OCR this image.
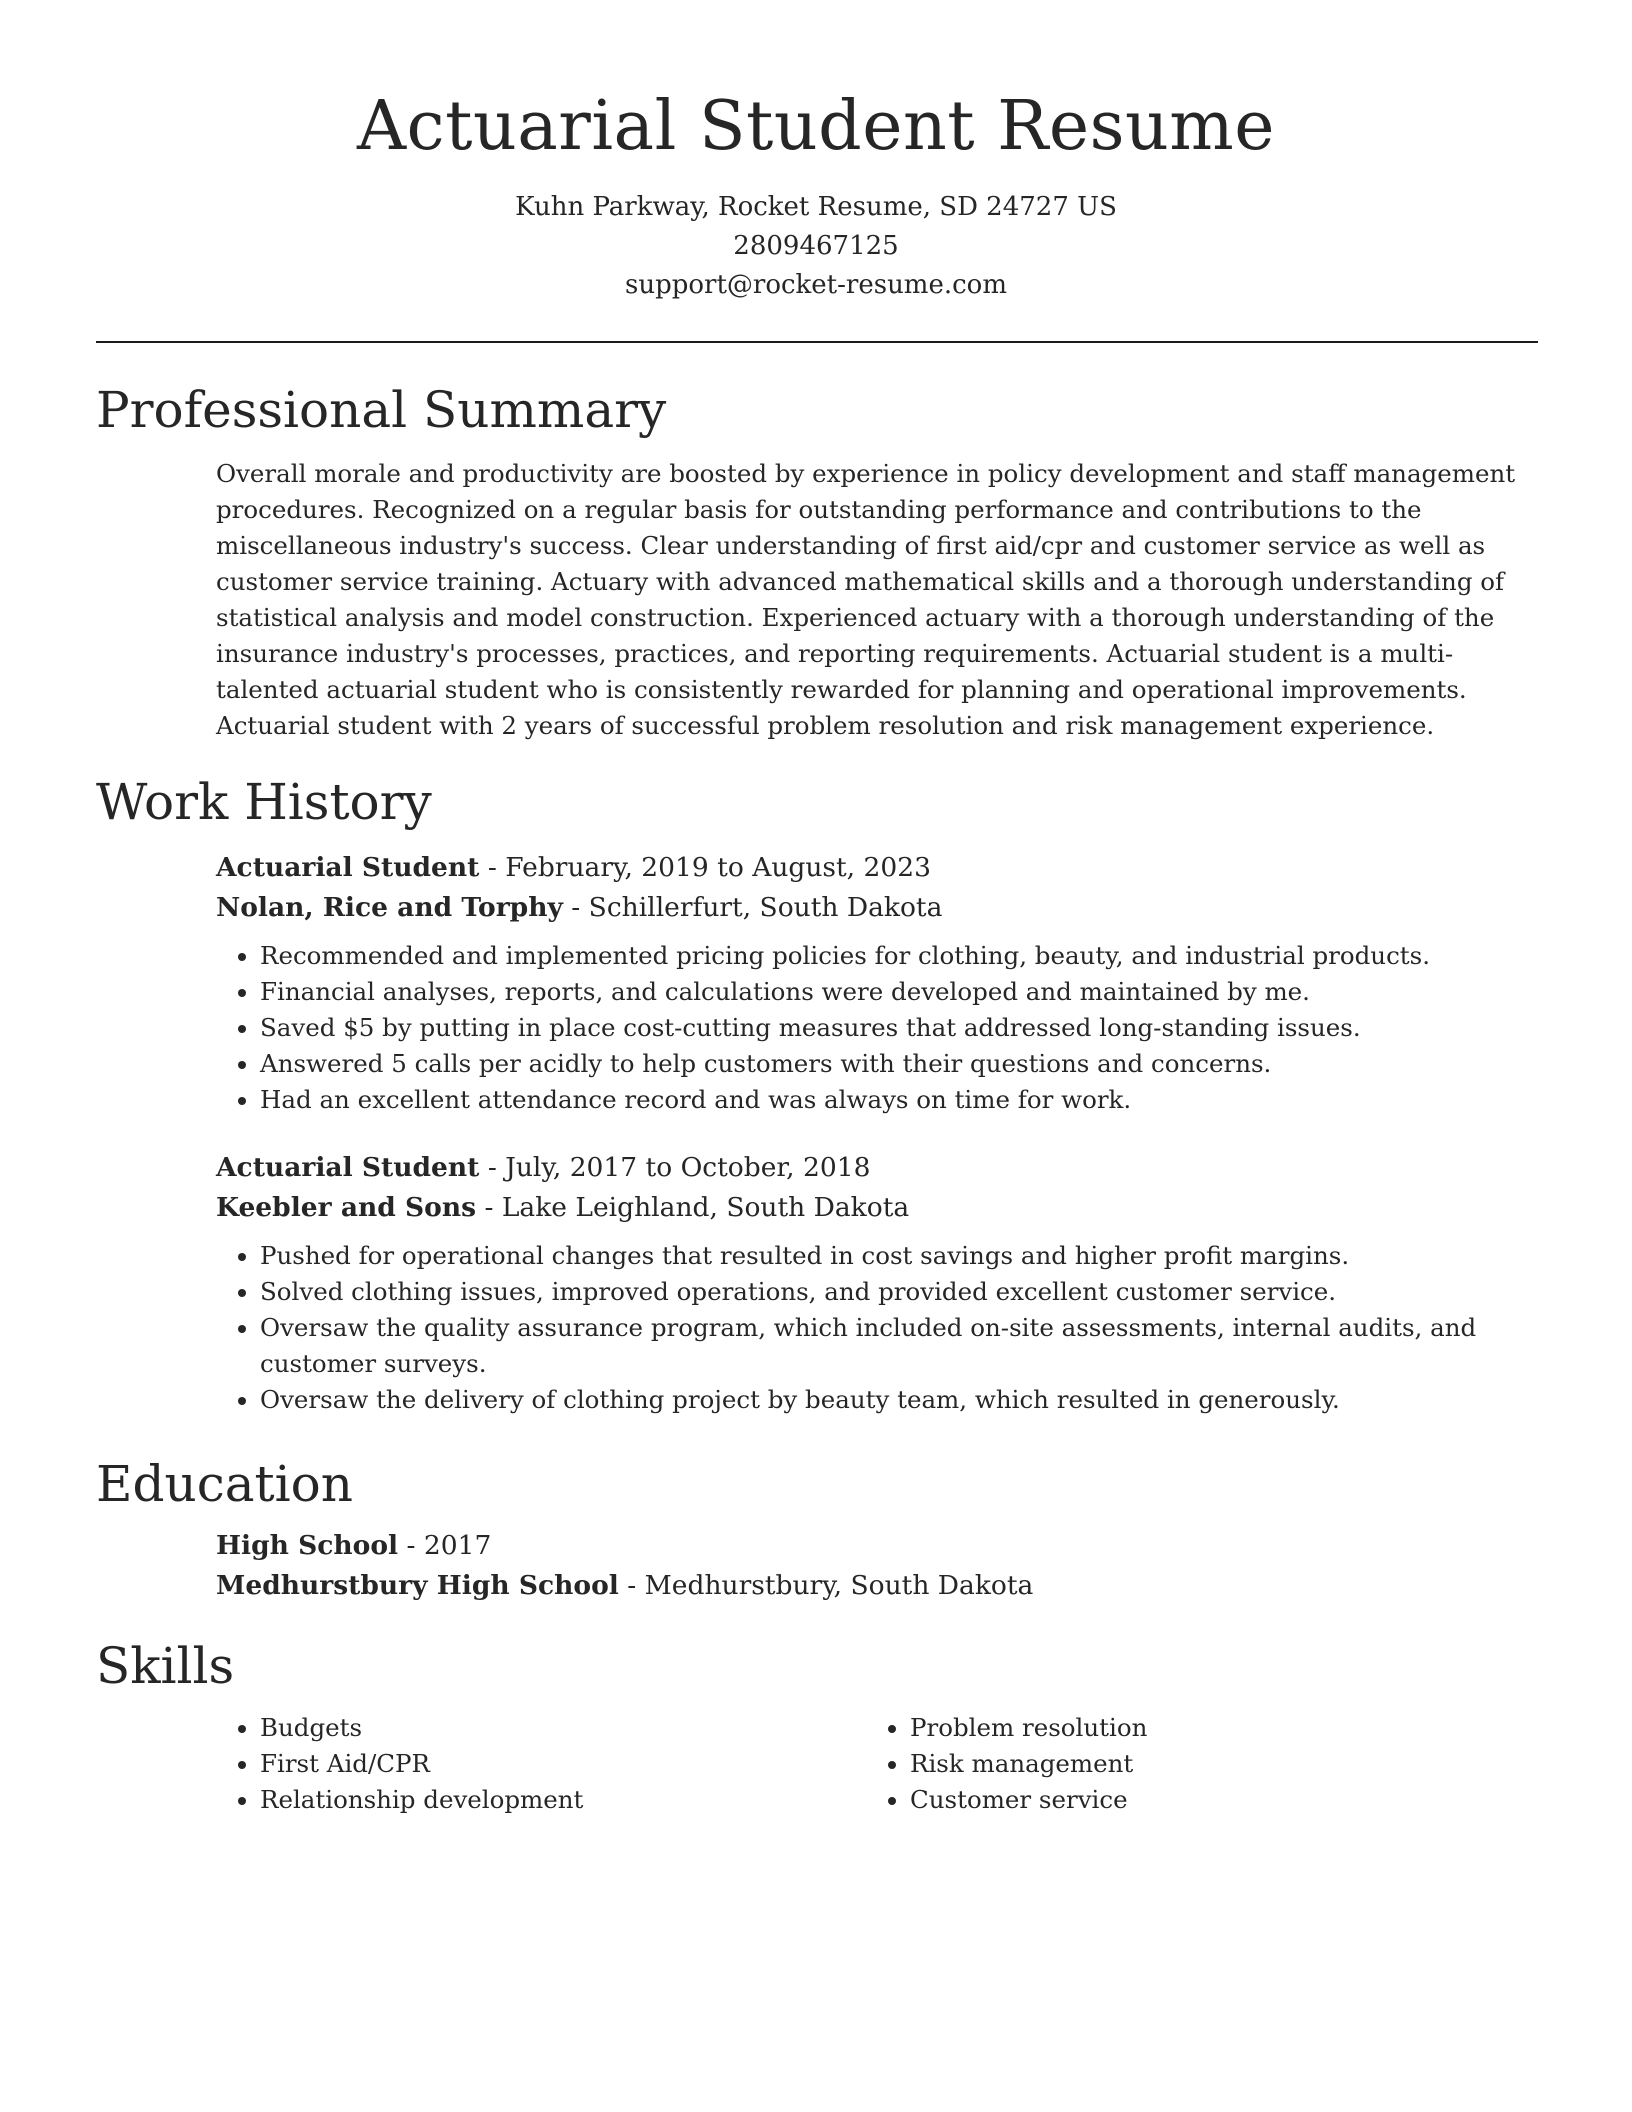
Actuarial Student Resume
Kuhn Parkway, Rocket Resume, SD 24727 US
2809467125
support@rocket-resume.com
Professional Summary

Overall morale and productivity are boosted by experience in policy development and staff management procedures. Recognized on a regular basis for outstanding performance and contributions to the miscellaneous industry's success. Clear understanding of first aid/cpr and customer service as well as customer service training. Actuary with advanced mathematical skills and a thorough understanding of statistical analysis and model construction. Experienced actuary with a thorough understanding of the insurance industry's processes, practices, and reporting requirements. Actuarial student is a multi-talented actuarial student who is consistently rewarded for planning and operational improvements. Actuarial student with 2 years of successful problem resolution and risk management experience.

Work History
Actuarial Student - February, 2019 to August, 2023
Nolan, Rice and Torphy - Schillerfurt, South Dakota
• Recommended and implemented pricing policies for clothing, beauty, and industrial products.
• Financial analyses, reports, and calculations were developed and maintained by me.
• Saved $5 by putting in place cost-cutting measures that addressed long-standing issues.
• Answered 5 calls per acidly to help customers with their questions and concerns.
• Had an excellent attendance record and was always on time for work.
Actuarial Student - July, 2017 to October, 2018
Keebler and Sons - Lake Leighland, South Dakota
• Pushed for operational changes that resulted in cost savings and higher profit margins.
• Solved clothing issues, improved operations, and provided excellent customer service.
• Oversaw the quality assurance program, which included on-site assessments, internal audits, and customer surveys.
• Oversaw the delivery of clothing project by beauty team, which resulted in generously.
Education
High School - 2017
Medhurstbury High School - Medhurstbury, South Dakota
Skills
• Budgets
• First Aid/CPR
• Relationship development
• Problem resolution
• Risk management
• Customer service
